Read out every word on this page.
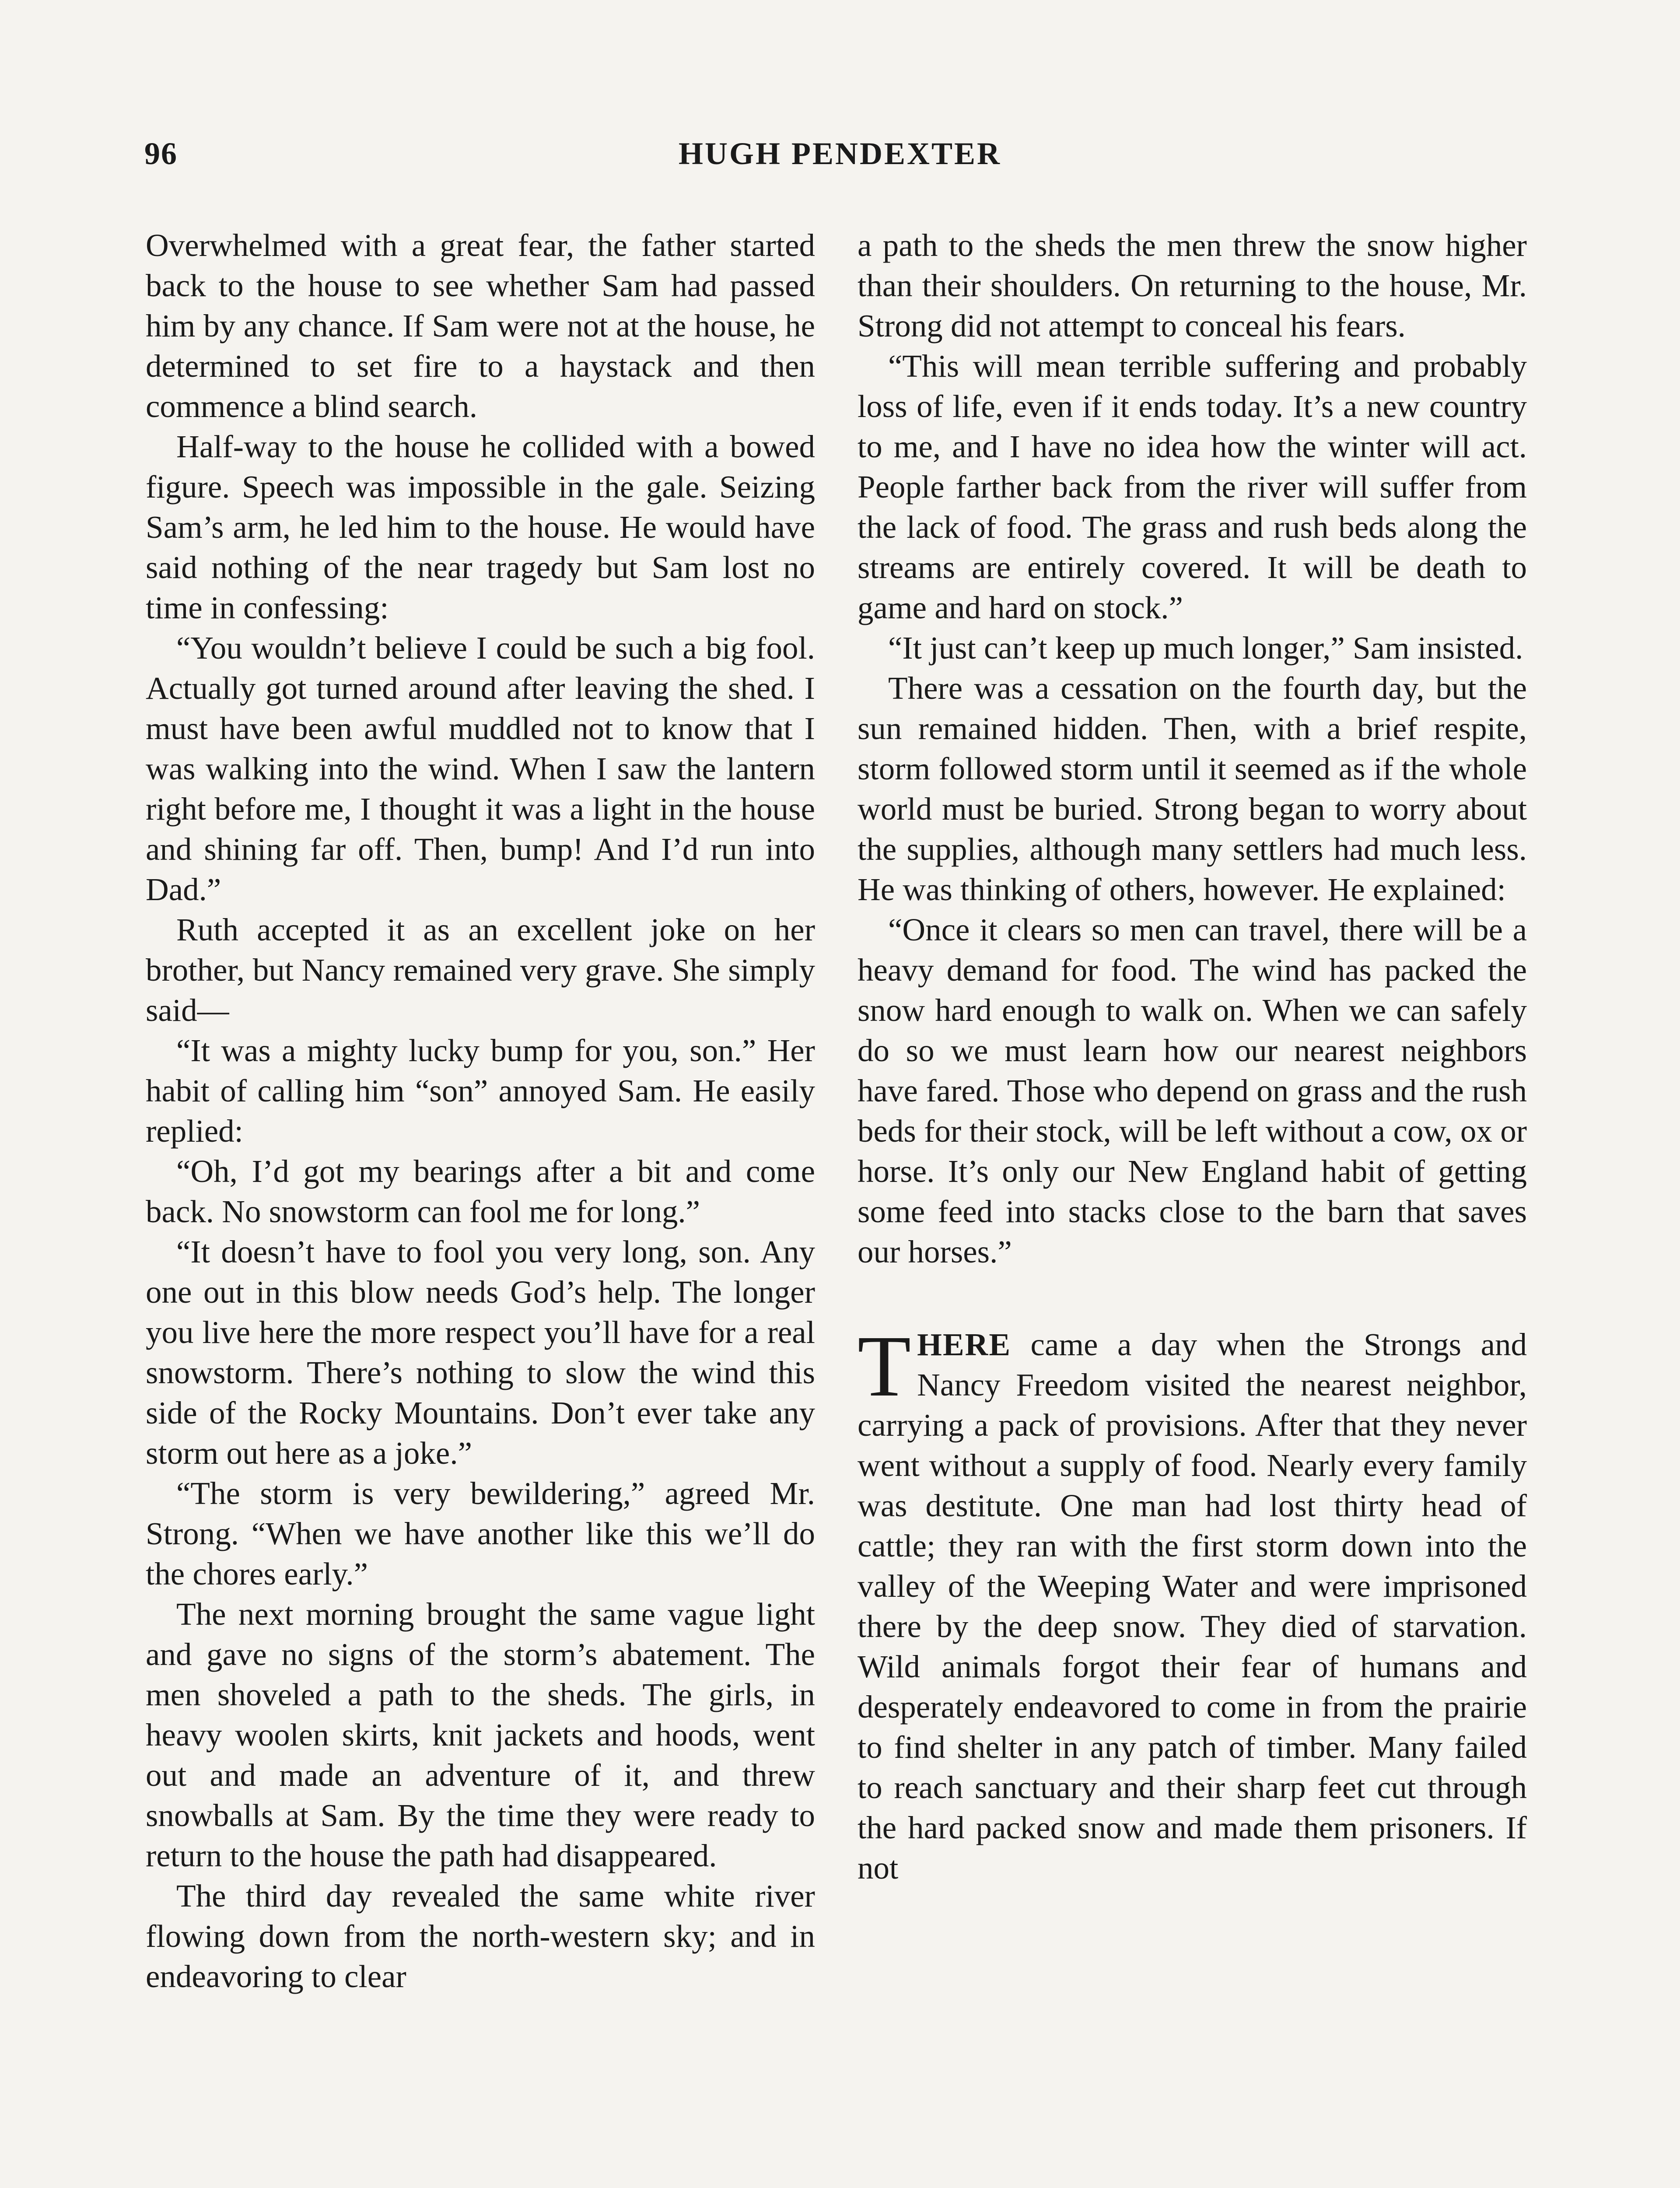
96	HUGH PENDEXTER

Overwhelmed with a great fear, the father started back to the house to see whether Sam had passed him by any chance. If Sam were not at the house, he determined to set fire to a haystack and then commence a blind search.

Half-way to the house he collided with a bowed figure. Speech was impossible in the gale. Seizing Sam’s arm, he led him to the house. He would have said nothing of the near tragedy but Sam lost no time in confessing:

“You wouldn’t believe I could be such a big fool. Actually got turned around after leaving the shed. I must have been awful muddled not to know that I was walking into the wind. When I saw the lantern right before me, I thought it was a light in the house and shining far off. Then, bump! And I’d run into Dad.”

Ruth accepted it as an excellent joke on her brother, but Nancy remained very grave. She simply said—

“It was a mighty lucky bump for you, son.” Her habit of calling him “son” annoyed Sam. He easily replied:

“Oh, I’d got my bearings after a bit and come back. No snowstorm can fool me for long.”

“It doesn’t have to fool you very long, son. Any one out in this blow needs God’s help. The longer you live here the more respect you’ll have for a real snowstorm. There’s nothing to slow the wind this side of the Rocky Mountains. Don’t ever take any storm out here as a joke.”

“The storm is very bewildering,” agreed Mr. Strong. “When we have another like this we’ll do the chores early.”

The next morning brought the same vague light and gave no signs of the storm’s abatement. The men shoveled a path to the sheds. The girls, in heavy woolen skirts, knit jackets and hoods, went out and made an adventure of it, and threw snowballs at Sam. By the time they were ready to return to the house the path had disappeared.

The third day revealed the same white river flowing down from the north-western sky; and in endeavoring to clear

a path to the sheds the men threw the snow higher than their shoulders. On returning to the house, Mr. Strong did not attempt to conceal his fears.

“This will mean terrible suffering and probably loss of life, even if it ends today. It’s a new country to me, and I have no idea how the winter will act. People farther back from the river will suffer from the lack of food. The grass and rush beds along the streams are entirely covered. It will be death to game and hard on stock.”

“It just can’t keep up much longer,” Sam insisted.

There was a cessation on the fourth day, but the sun remained hidden. Then, with a brief respite, storm followed storm until it seemed as if the whole world must be buried. Strong began to worry about the supplies, although many settlers had much less. He was thinking of others, however. He explained:

“Once it clears so men can travel, there will be a heavy demand for food. The wind has packed the snow hard enough to walk on. When we can safely do so we must learn how our nearest neighbors have fared. Those who depend on grass and the rush beds for their stock, will be left without a cow, ox or horse. It’s only our New England habit of getting some feed into stacks close to the barn that saves our horses.”

THERE came a day when the Strongs and Nancy Freedom visited the nearest neighbor, carrying a pack of provisions. After that they never went without a supply of food. Nearly every family was destitute. One man had lost thirty head of cattle; they ran with the first storm down into the valley of the Weeping Water and were imprisoned there by the deep snow. They died of starvation. Wild animals forgot their fear of humans and desperately endeavored to come in from the prairie to find shelter in any patch of timber. Many failed to reach sanctuary and their sharp feet cut through the hard packed snow and made them prisoners. If not
